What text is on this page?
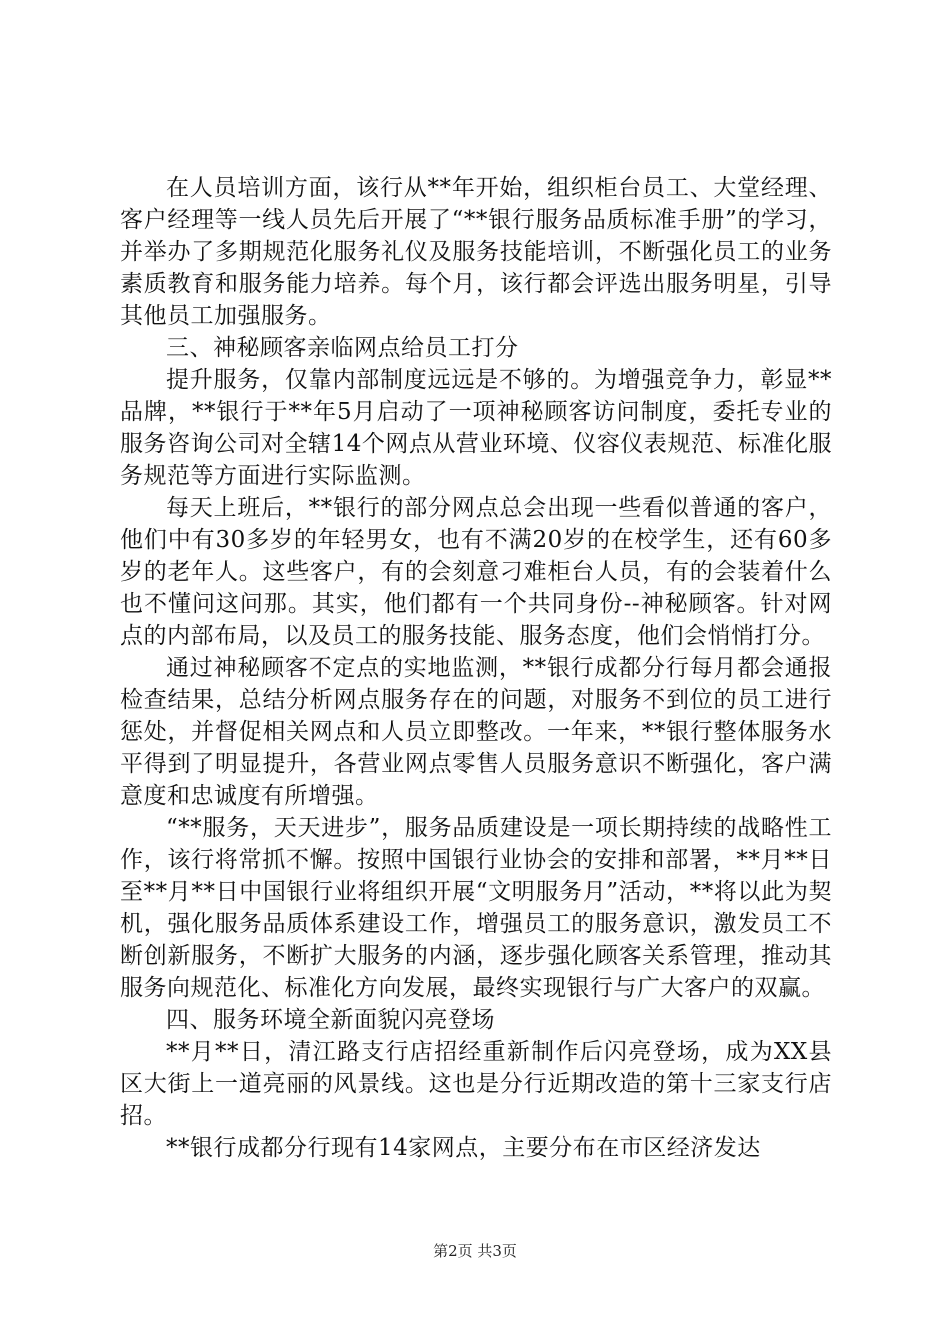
在人员培训方面，该行从**年开始，组织柜台员工、大堂经理、客户经理等一线人员先后开展了“**银行服务品质标准手册”的学习，并举办了多期规范化服务礼仪及服务技能培训，不断强化员工的业务素质教育和服务能力培养。每个月，该行都会评选出服务明星，引导其他员工加强服务。

三、神秘顾客亲临网点给员工打分

提升服务，仅靠内部制度远远是不够的。为增强竞争力，彰显**品牌，**银行于**年5月启动了一项神秘顾客访问制度，委托专业的服务咨询公司对全辖14个网点从营业环境、仪容仪表规范、标准化服务规范等方面进行实际监测。

每天上班后，**银行的部分网点总会出现一些看似普通的客户，他们中有30多岁的年轻男女，也有不满20岁的在校学生，还有60多岁的老年人。这些客户，有的会刻意刁难柜台人员，有的会装着什么也不懂问这问那。其实，他们都有一个共同身份--神秘顾客。针对网点的内部布局，以及员工的服务技能、服务态度，他们会悄悄打分。

通过神秘顾客不定点的实地监测，**银行成都分行每月都会通报检查结果，总结分析网点服务存在的问题，对服务不到位的员工进行惩处，并督促相关网点和人员立即整改。一年来，**银行整体服务水平得到了明显提升，各营业网点零售人员服务意识不断强化，客户满意度和忠诚度有所增强。

“**服务，天天进步”，服务品质建设是一项长期持续的战略性工作，该行将常抓不懈。按照中国银行业协会的安排和部署，**月**日至**月**日中国银行业将组织开展“文明服务月”活动，**将以此为契机，强化服务品质体系建设工作，增强员工的服务意识，激发员工不断创新服务，不断扩大服务的内涵，逐步强化顾客关系管理，推动其服务向规范化、标准化方向发展，最终实现银行与广大客户的双赢。

四、服务环境全新面貌闪亮登场

**月**日，清江路支行店招经重新制作后闪亮登场，成为XX县区大街上一道亮丽的风景线。这也是分行近期改造的第十三家支行店招。

**银行成都分行现有14家网点，主要分布在市区经济发达

第2页 共3页
